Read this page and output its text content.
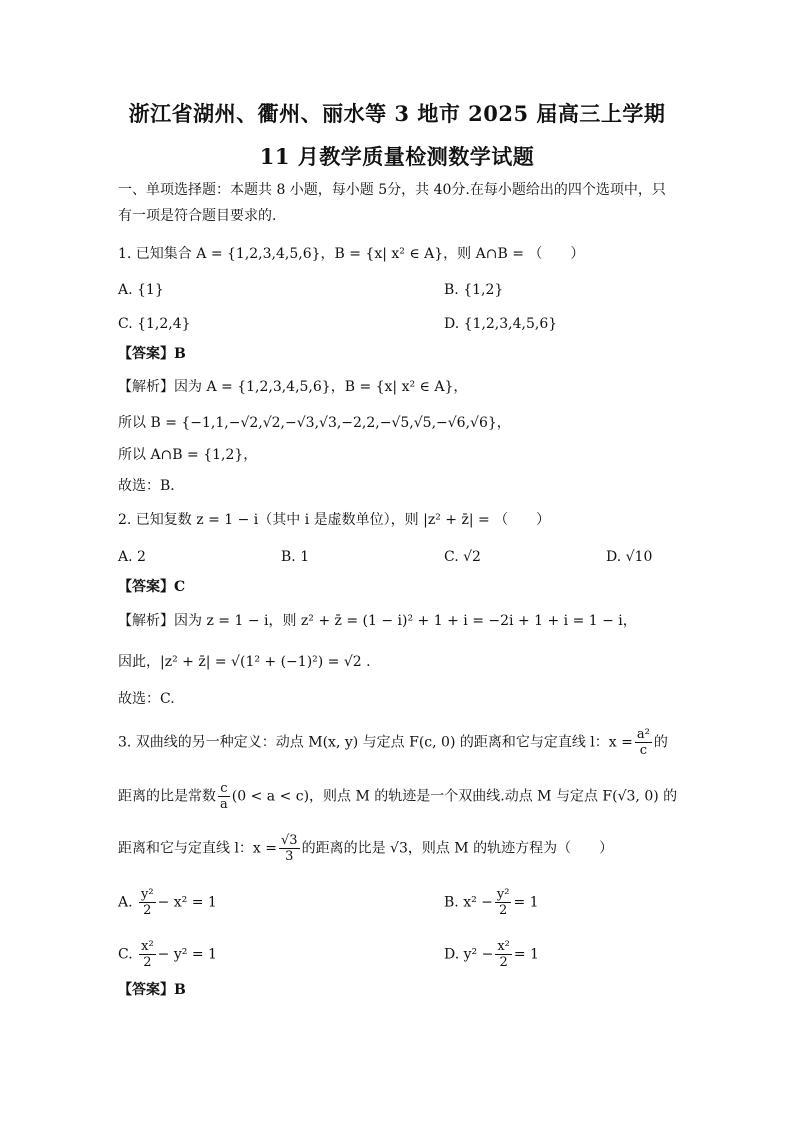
浙江省湖州、衢州、丽水等 3 地市 2025 届高三上学期
11 月教学质量检测数学试题
一、单项选择题：本题共 8 小题，每小题 5分，共 40分.在每小题给出的四个选项中，只
有一项是符合题目要求的.
1. 已知集合 A = {1,2,3,4,5,6}，B = {x| x² ∈ A}，则 A∩B = （　　）
A. {1}	B. {1,2}
C. {1,2,4}	D. {1,2,3,4,5,6}
【答案】B
【解析】因为 A = {1,2,3,4,5,6}，B = {x| x² ∈ A}，
所以 B = {−1,1,−√2,√2,−√3,√3,−2,2,−√5,√5,−√6,√6}，
所以 A∩B = {1,2}，
故选：B．
2. 已知复数 z = 1 − i（其中 i 是虚数单位），则 |z² + z̄| = （　　）
A. 2	B. 1	C. √2	D. √10
【答案】C
【解析】因为 z = 1 − i，则 z² + z̄ = (1 − i)² + 1 + i = −2i + 1 + i = 1 − i，
因此，|z² + z̄| = √(1² + (−1)²) = √2 .
故选：C.
3. 双曲线的另一种定义：动点 M(x, y) 与定点 F(c, 0) 的距离和它与定直线 l：$x = \frac{\text{a²}}{c}$ 的
距离的比是常数 $\frac{c}{a} (0 < a < c)$，则点 M 的轨迹是一个双曲线.动点 M 与定点 F(√3, 0) 的
距离和它与定直线 l：$x = \frac{√3}{3}$ 的距离的比是 √3，则点 M 的轨迹方程为（　　）
A. $\frac{\text{y²}}{2} - x^2 = 1$	B. $x^2 - \frac{\text{y²}}{2} = 1$
C. $\frac{\text{x²}}{2} - y^2 = 1$	D. $y^2 - \frac{\text{x²}}{2} = 1$
【答案】B
